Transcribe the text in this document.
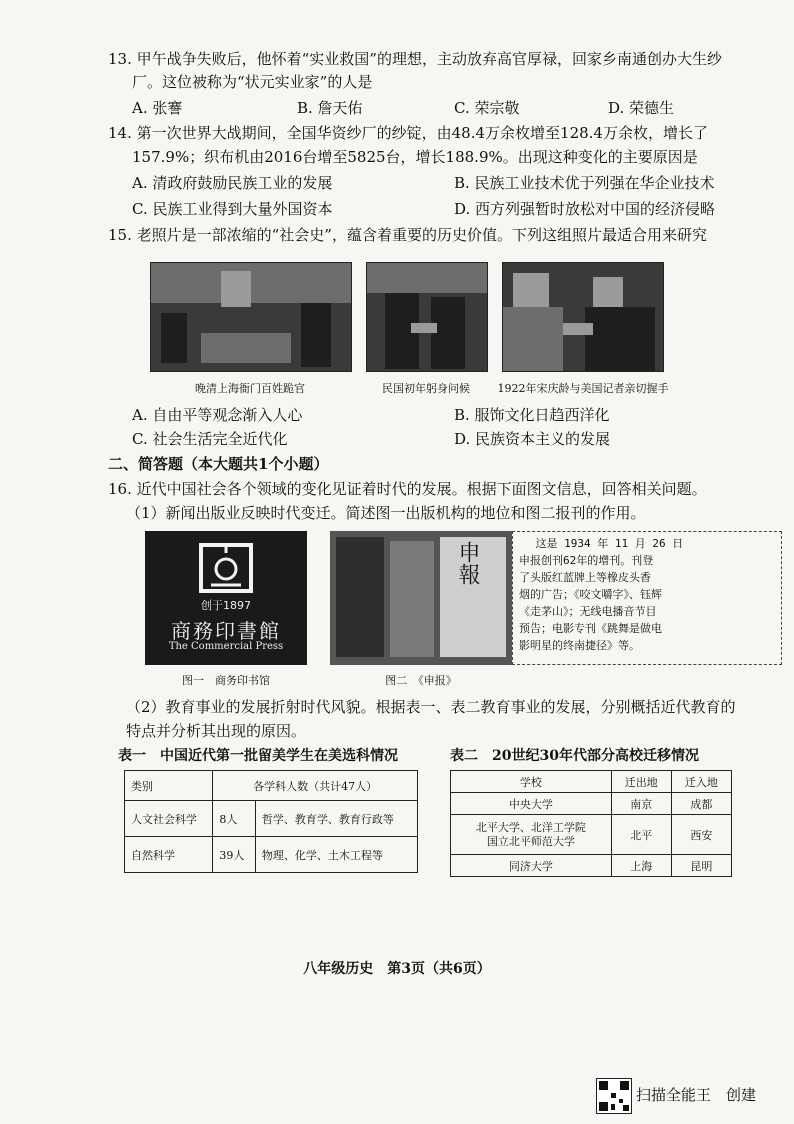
13. 甲午战争失败后，他怀着“实业救国”的理想，主动放弃高官厚禄，回家乡南通创办大生纱
厂。这位被称为“状元实业家”的人是
A. 张謇	B. 詹天佑	C. 荣宗敬	D. 荣德生
14. 第一次世界大战期间，全国华资纱厂的纱锭，由48.4万余枚增至128.4万余枚，增长了
157.9%；织布机由2016台增至5825台，增长188.9%。出现这种变化的主要原因是
A. 清政府鼓励民族工业的发展	B. 民族工业技术优于列强在华企业技术
C. 民族工业得到大量外国资本	D. 西方列强暂时放松对中国的经济侵略
15. 老照片是一部浓缩的“社会史”，蕴含着重要的历史价值。下列这组照片最适合用来研究
晚清上海衙门百姓跪官	民国初年躬身问候	1922年宋庆龄与美国记者亲切握手
A. 自由平等观念渐入人心	B. 服饰文化日趋西洋化
C. 社会生活完全近代化	D. 民族资本主义的发展
二、简答题（本大题共1个小题）
16. 近代中国社会各个领域的变化见证着时代的发展。根据下面图文信息，回答相关问题。
（1）新闻出版业反映时代变迁。简述图一出版机构的地位和图二报刊的作用。
创于1897
商務印書館
The Commercial Press
图一　商务印书馆
申報	这是 1934 年 11 月 26 日
申报创刊62年的增刊。刊登
了头版红蓝牌上等橡皮头香
烟的广告；《咬文嚼字》、钰辉
《走茅山》；无线电播音节目
预告；电影专刊《跳舞是做电
影明星的终南捷径》等。
图二　《申报》
（2）教育事业的发展折射时代风貌。根据表一、表二教育事业的发展，分别概括近代教育的
特点并分析其出现的原因。
表一　中国近代第一批留美学生在美选科情况
类别	各学科人数（共计47人）	
人文社会科学	8人	哲学、教育学、教育行政等
自然科学	39人	物理、化学、土木工程等
表二　20世纪30年代部分高校迁移情况
学校	迁出地	迁入地
中央大学	南京	成都

北平大学、北洋工学院
国立北平师范大学	北平	西安
同济大学	上海	昆明
八年级历史　第3页（共6页）
扫描全能王　创建
